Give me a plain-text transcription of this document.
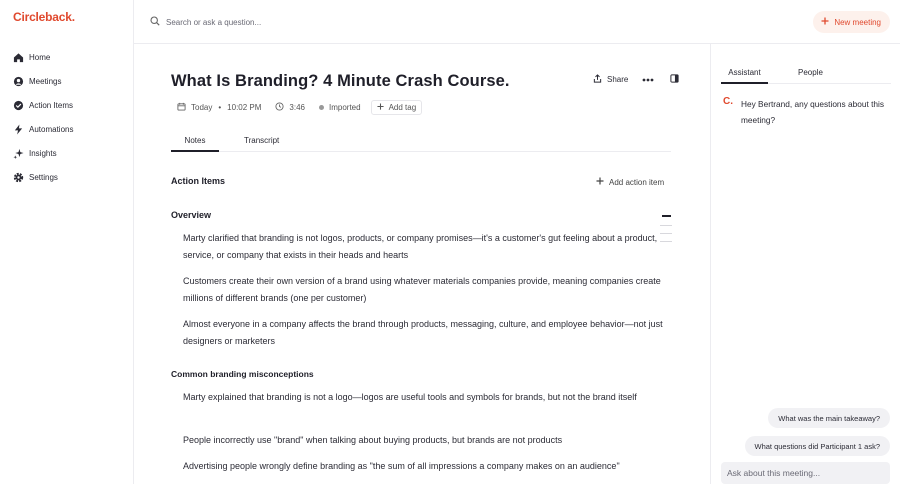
Circleback.
Home
Meetings
Action Items
Automations
Insights
Settings
Search or ask a question...
New meeting
What Is Branding? 4 Minute Crash Course.	Share
Today • 10:02 PM	3:46	Imported	Add tag
Notes	Transcript
Action Items	Add action item
Overview
Marty clarified that branding is not logos, products, or company promises—it's a customer's gut feeling about a product, service, or company that exists in their heads and hearts
Customers create their own version of a brand using whatever materials companies provide, meaning companies create millions of different brands (one per customer)
Almost everyone in a company affects the brand through products, messaging, culture, and employee behavior—not just designers or marketers
Common branding misconceptions
Marty explained that branding is not a logo—logos are useful tools and symbols for brands, but not the brand itself
People incorrectly use "brand" when talking about buying products, but brands are not products
Advertising people wrongly define branding as "the sum of all impressions a company makes on an audience"
Assistant	People
C. Hey Bertrand, any questions about this meeting?
What was the main takeaway?
What questions did Participant 1 ask?
Ask about this meeting...
